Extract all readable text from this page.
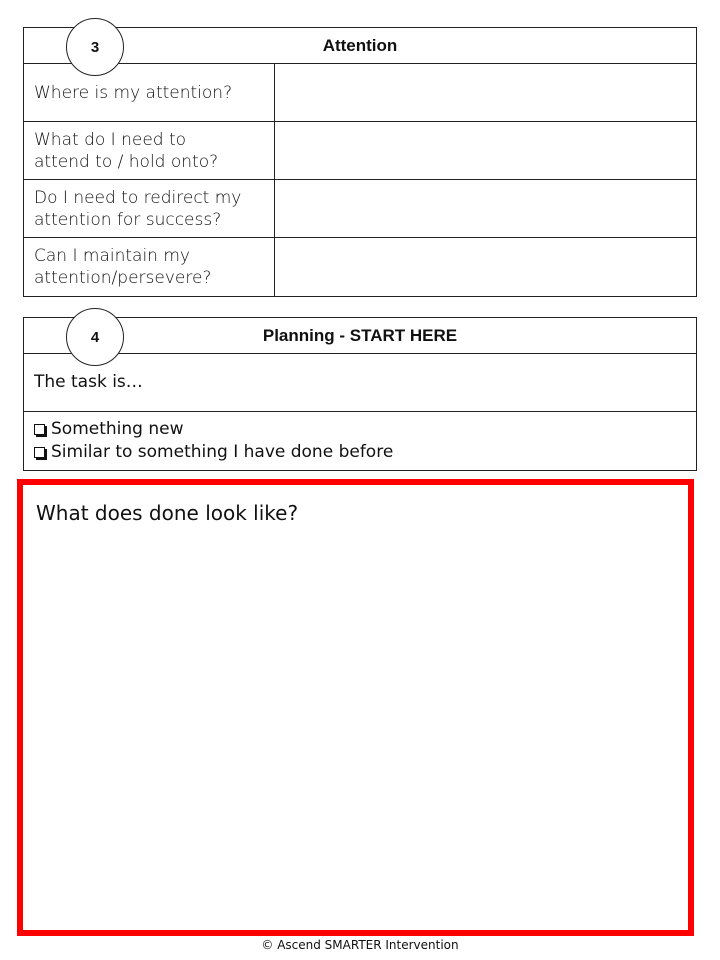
Attention
3
Where is my attention?
What do I need to
attend to / hold onto?
Do I need to redirect my
attention for success?
Can I maintain my
attention/persevere?
Planning - START HERE
4
The task is…
Something new
Similar to something I have done before
What does done look like?
© Ascend SMARTER Intervention
